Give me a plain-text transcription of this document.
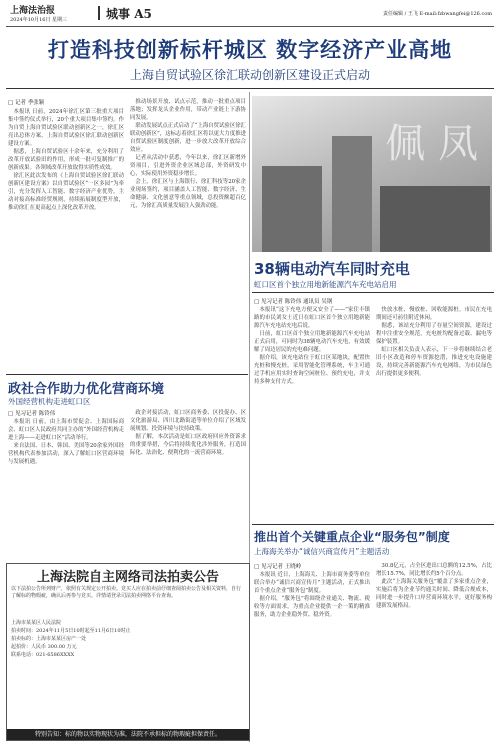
上海法治报
2024年10月16日 星期三	城事 A5	责任编辑 / 王飞 E-mail:fzbwangfei@126.com
打造科技创新标杆城区 数字经济产业高地
上海自贸试验区徐汇联动创新区建设正式启动
□ 记者 季张颖

本报讯 日前，2024年徐汇区第三批重大项目集中签约仪式举行，20个重大项目集中签约。作为自贸上海自贸试验区联动创新区之一，徐汇区亮出总体方案、上海自贸试验区徐汇联动创新区建设方案。

据悉，上海自贸试验区十余年来，充分利用了改革开放试验田的作用，形成一批可复制推广的创新成果。各领域改革开放取得实质性成效。

徐汇区此次发布的《上海自贸试验区徐汇联动创新区建设方案》以自贸试验区“一区多园”为牵引，充分发挥人工智能、数字经济产业优势，主动对接高标准经贸规则，持续拓展制度型开放，推动徐汇在更高起点上深化改革开放。

推动场景开放、试点示范，推动一批重点项目落地；发挥龙头企业作用，带动产业链上下游协同发展。

联动发展试点正式启动了“上海自贸试验区徐汇联动创新区”，这标志着徐汇区将以更大力度推进自贸试验区制度创新，进一步放大改革开放综合效应。

记者从活动中获悉，今年以来，徐汇区新增外资项目，引进外资企业区域总部，外资研发中心，实际使用外资稳步增长。

会上，徐汇区与上海银行、徐汇科技等20家企业现场签约，项目涵盖人工智能、数字经济、生命健康、文化创意等重点领域，总投资额超百亿元，为徐汇高质量发展注入强劲动能。

佩 凤
38辆电动汽车同时充电
虹口区首个独立用地新能源汽车充电站启用
□ 见习记者 陈铃伟 通讯员 吴钢

本报讯“这下充电方便又安全了——”家住丰镇路的市民刘女士近日在虹口区首个独立用地新能源汽车充电站充电后说。

日前，虹口区首个独立用地新能源汽车充电站正式启用，可同时为38辆电动汽车充电，有效缓解了周边居民的充电难问题。

据介绍，该充电站位于虹口区某地块，配置快充桩和慢充桩，采用智能化管理系统，车主可通过手机应用实时查询空闲桩位、预约充电，并支持多种支付方式。

快放水桩、慢放桩、回收能源桩。市民在充电期间还可前往附近休闲。

据悉，该站充分利用了存量空间资源，建设过程中注重安全规范，充电桩均配备过载、漏电等保护装置。

虹口区相关负责人表示，下一步将继续结合老旧小区改造和停车资源挖潜，推进充电设施建设，持续完善新能源汽车充电网络，为市民绿色出行提供更多便利。

政社合作助力优化营商环境
外国经营机构走进虹口区
□ 见习记者 陈铃伟

本报讯 日前，由上海市贸促会、上海国际商会、虹口区人民政府共同主办的“外国经营机构走进上海——走进虹口区”活动举行。

来自法国、日本、韩国、美国等20余家外国经营机构代表参加活动，深入了解虹口区营商环境与发展机遇。

政企对接活动，虹口区商务委、区投促办、区文化旅游局、四川北路街道等单位介绍了区域发展规划、投资环境与扶持政策。

据了解，本次活动是虹口区政府回应外资诉求的重要举措，今后将持续优化涉外服务，打造国际化、法治化、便利化的一流营商环境。

推出首个关键重点企业“服务包”制度
上海海关举办“诚信兴商宣传月”主题活动
□ 见习记者 王晓岭

本报讯 近日，上海海关、上海市商务委等单位联合举办“诚信兴商宣传月”主题活动，正式推出首个重点企业“服务包”制度。

据介绍，“服务包”将围绕企业通关、物流、税收等方面需求，为重点企业提供一企一策的精准服务，助力企业稳外贸、稳外资。

30.8亿元，占全区进出口总额的12.5%，占比增长15.7%，同比增长约5个百分点。

此次“上海海关服务包”覆盖了多家重点企业，实施后将为企业节约通关时间、降低合规成本，同时进一步提升口岸营商环境水平，更好服务构建新发展格局。

上海法院自主网络司法拍卖公告
以下法拍公告所列财产，依照有关规定公开拍卖。竞买人应在拍卖前仔细查阅拍卖公告及相关资料，自行了解标的物瑕疵，确认后再参与竞买。详情请登录司法拍卖网络平台查询。
上海市某某区人民法院
拍卖时间：2024年11月5日10时起至11月6日10时止
拍卖标的：上海市某某区房产一处
起拍价：人民币 300.00 万元
联系电话：021-6586XXXX
特别告知：标的物以实物现状为准，法院不承担标的物瑕疵担保责任。
